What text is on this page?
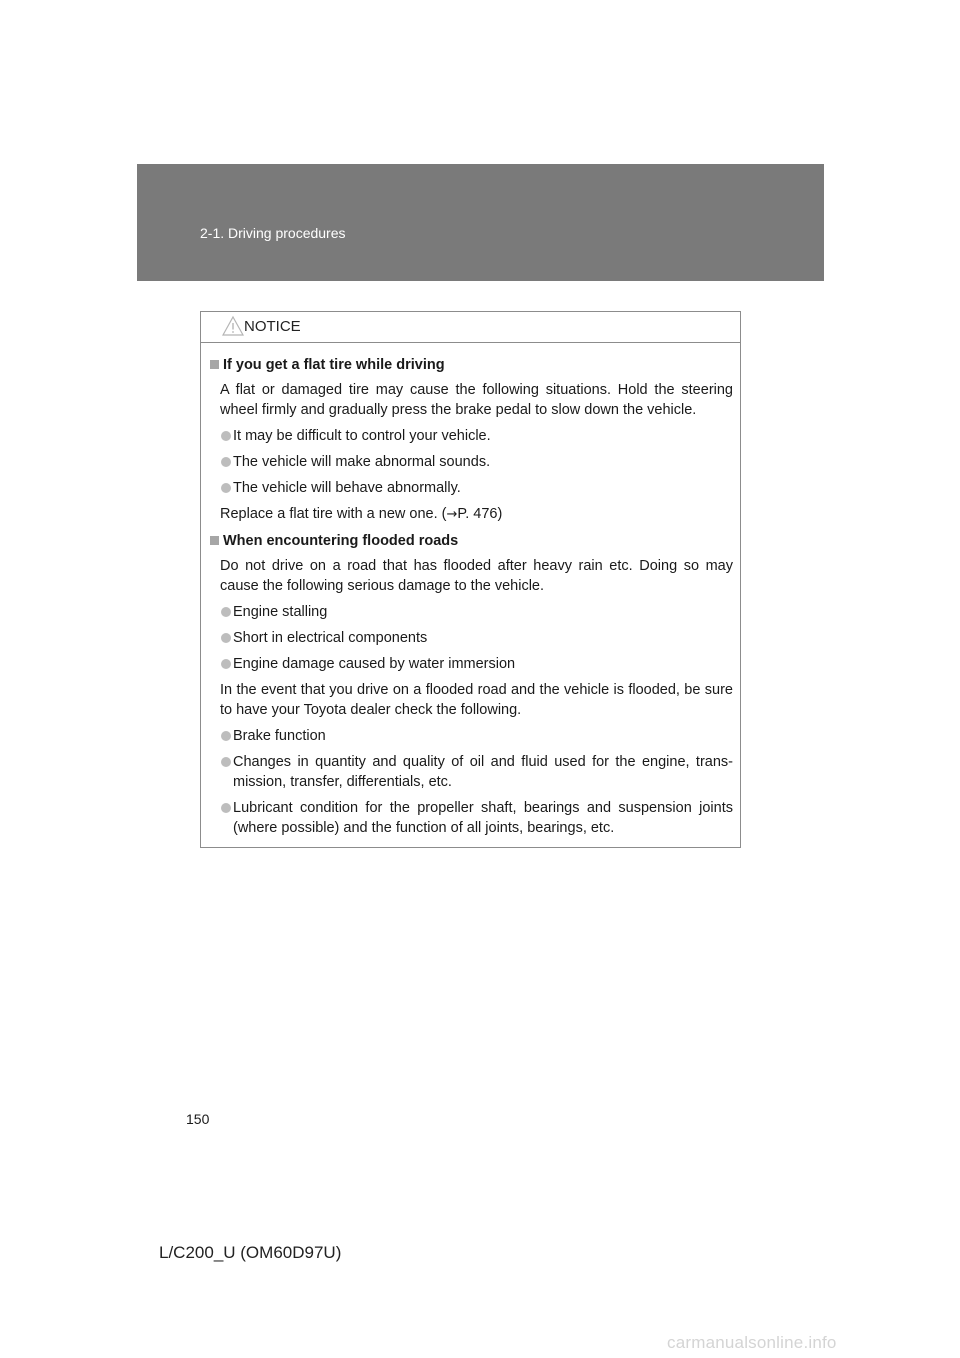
2-1. Driving procedures
NOTICE
If you get a flat tire while driving
A flat or damaged tire may cause the following situations. Hold the steering wheel firmly and gradually press the brake pedal to slow down the vehicle.
It may be difficult to control your vehicle.
The vehicle will make abnormal sounds.
The vehicle will behave abnormally.
Replace a flat tire with a new one. (→P. 476)
When encountering flooded roads
Do not drive on a road that has flooded after heavy rain etc. Doing so may cause the following serious damage to the vehicle.
Engine stalling
Short in electrical components
Engine damage caused by water immersion
In the event that you drive on a flooded road and the vehicle is flooded, be sure to have your Toyota dealer check the following.
Brake function
Changes in quantity and quality of oil and fluid used for the engine, trans-mission, transfer, differentials, etc.
Lubricant condition for the propeller shaft, bearings and suspension joints (where possible) and the function of all joints, bearings, etc.
150
L/C200_U (OM60D97U)
carmanualsonline.info
